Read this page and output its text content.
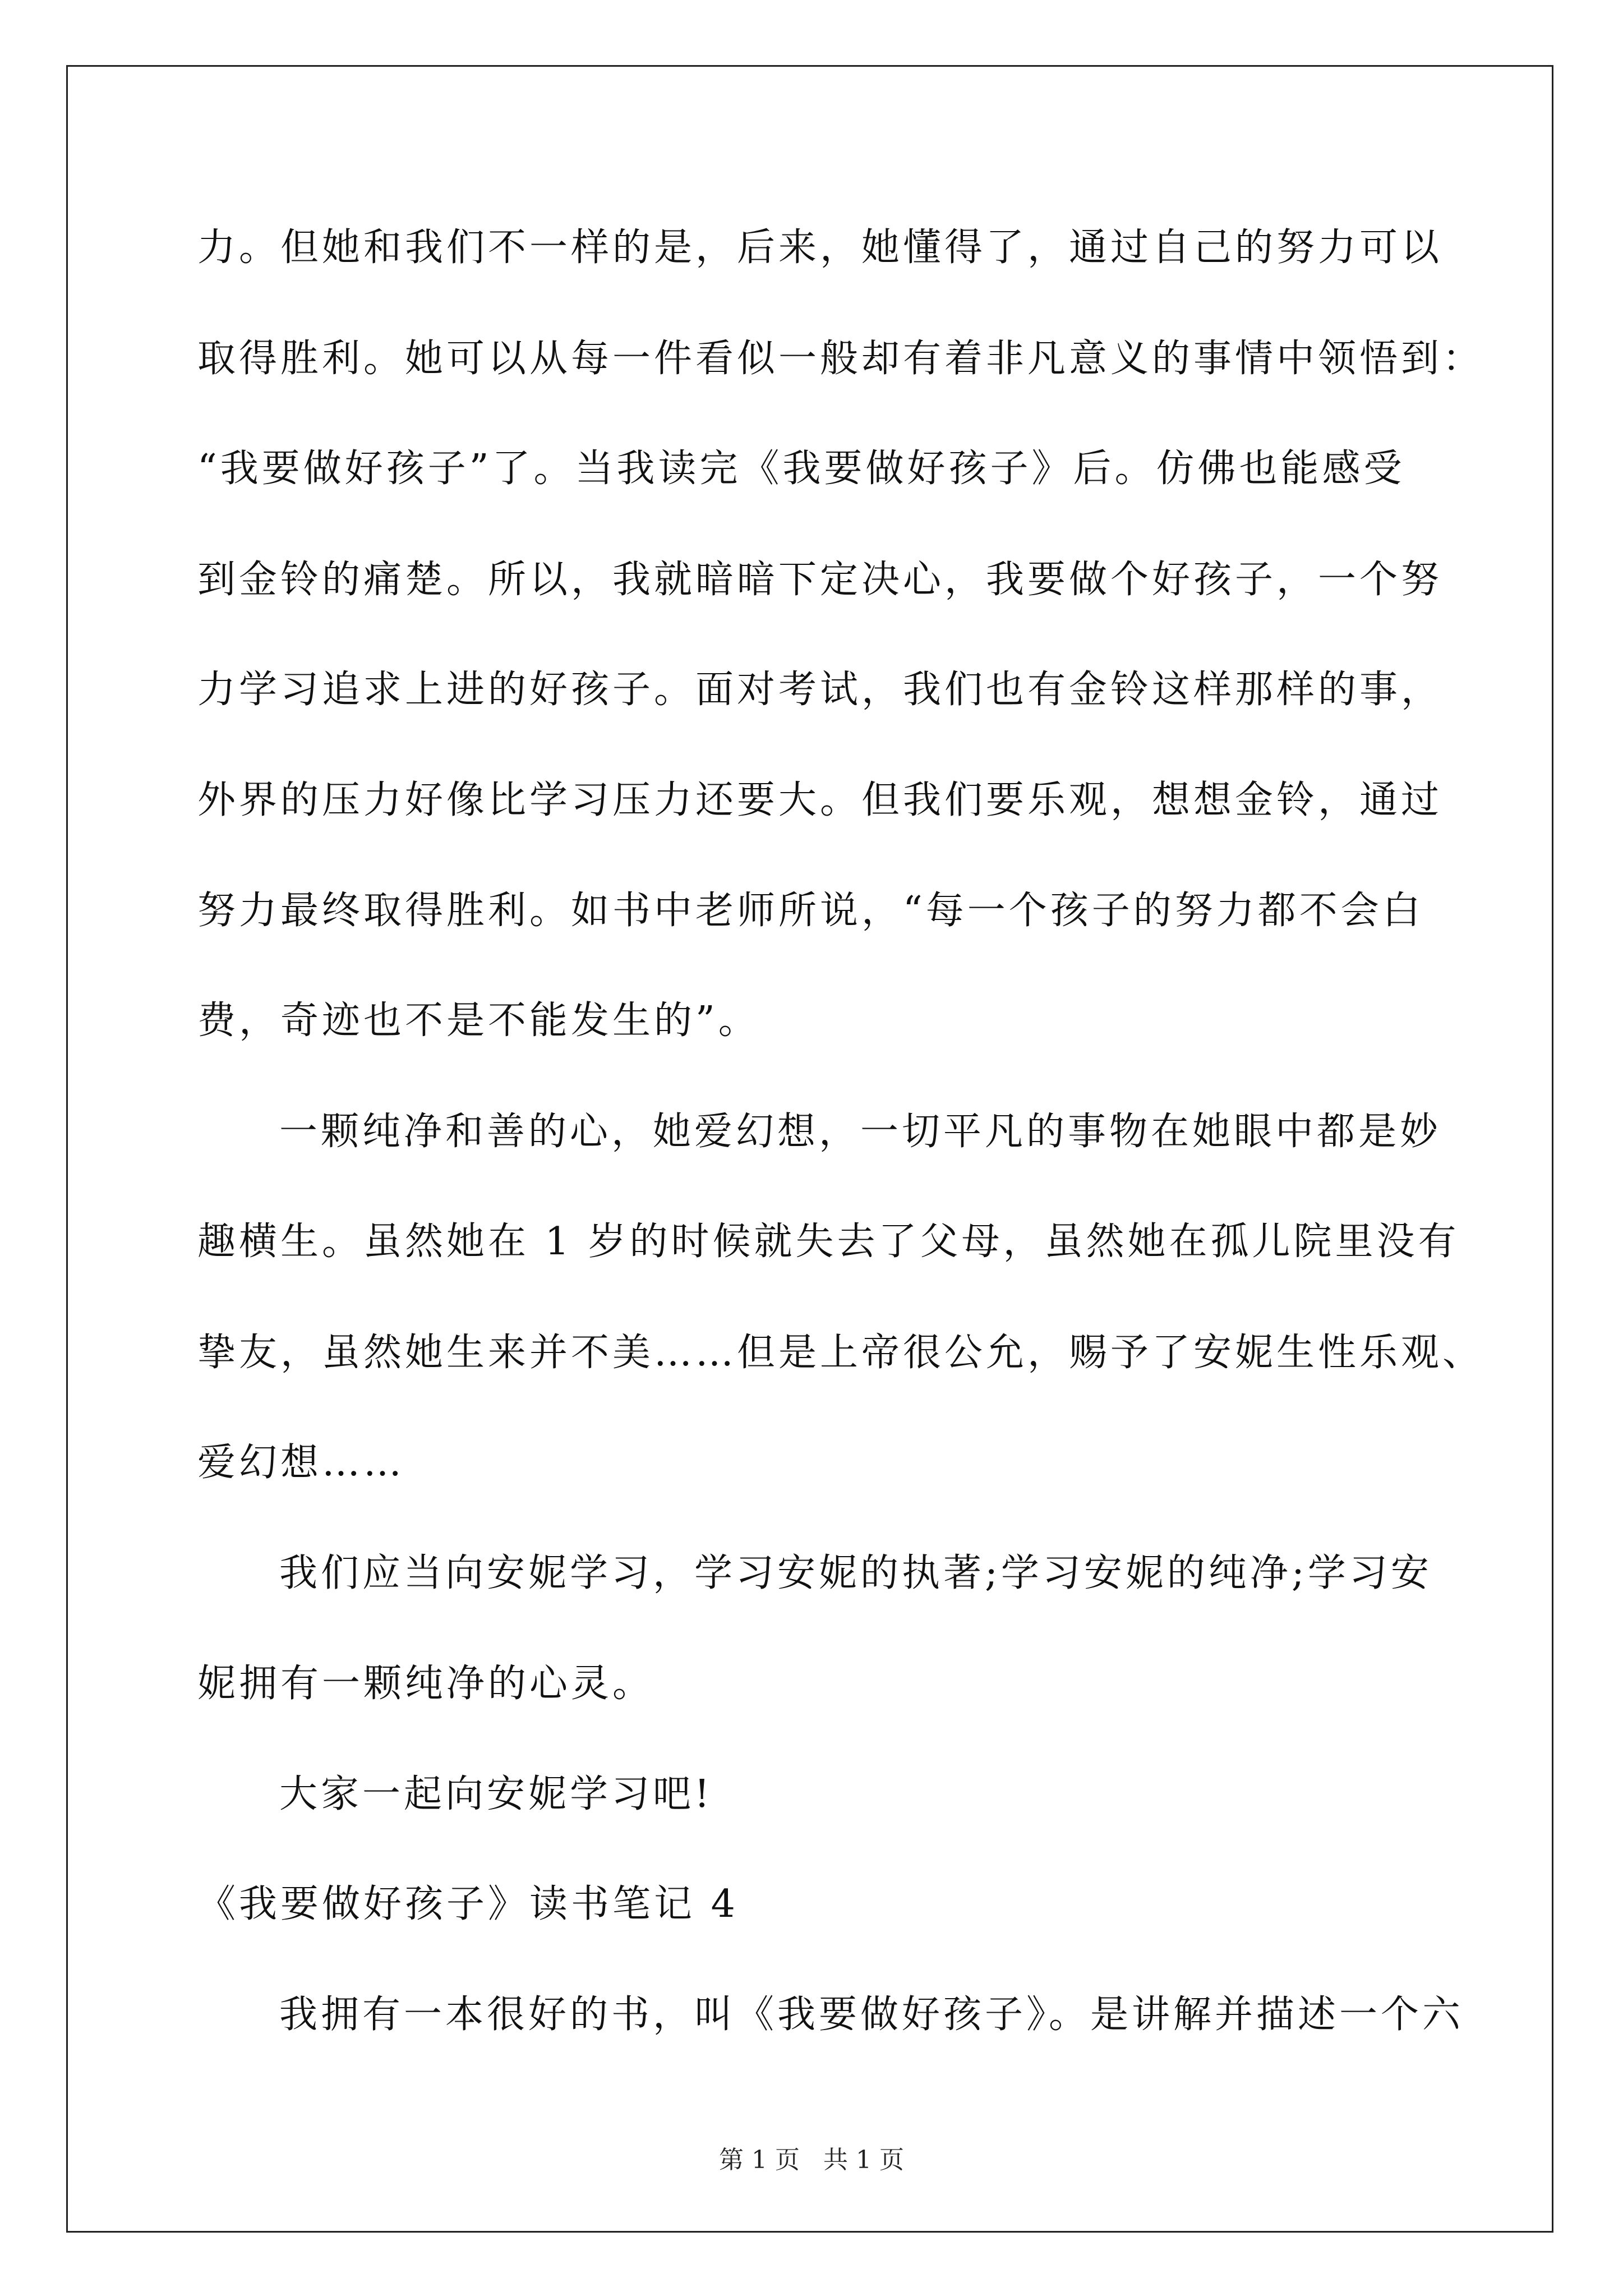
力。但她和我们不一样的是，后来，她懂得了，通过自己的努力可以
取得胜利。她可以从每一件看似一般却有着非凡意义的事情中领悟到：
“我要做好孩子”了。当我读完《我要做好孩子》后。仿佛也能感受
到金铃的痛楚。所以，我就暗暗下定决心，我要做个好孩子，一个努
力学习追求上进的好孩子。面对考试，我们也有金铃这样那样的事，
外界的压力好像比学习压力还要大。但我们要乐观，想想金铃，通过
努力最终取得胜利。如书中老师所说，“每一个孩子的努力都不会白
费，奇迹也不是不能发生的”。
一颗纯净和善的心，她爱幻想，一切平凡的事物在她眼中都是妙
趣横生。虽然她在 1 岁的时候就失去了父母，虽然她在孤儿院里没有
挚友，虽然她生来并不美……但是上帝很公允，赐予了安妮生性乐观、
爱幻想……
我们应当向安妮学习，学习安妮的执著;学习安妮的纯净;学习安
妮拥有一颗纯净的心灵。
大家一起向安妮学习吧!
《我要做好孩子》读书笔记 4
我拥有一本很好的书，叫《我要做好孩子》。是讲解并描述一个六
第 1 页   共 1 页
